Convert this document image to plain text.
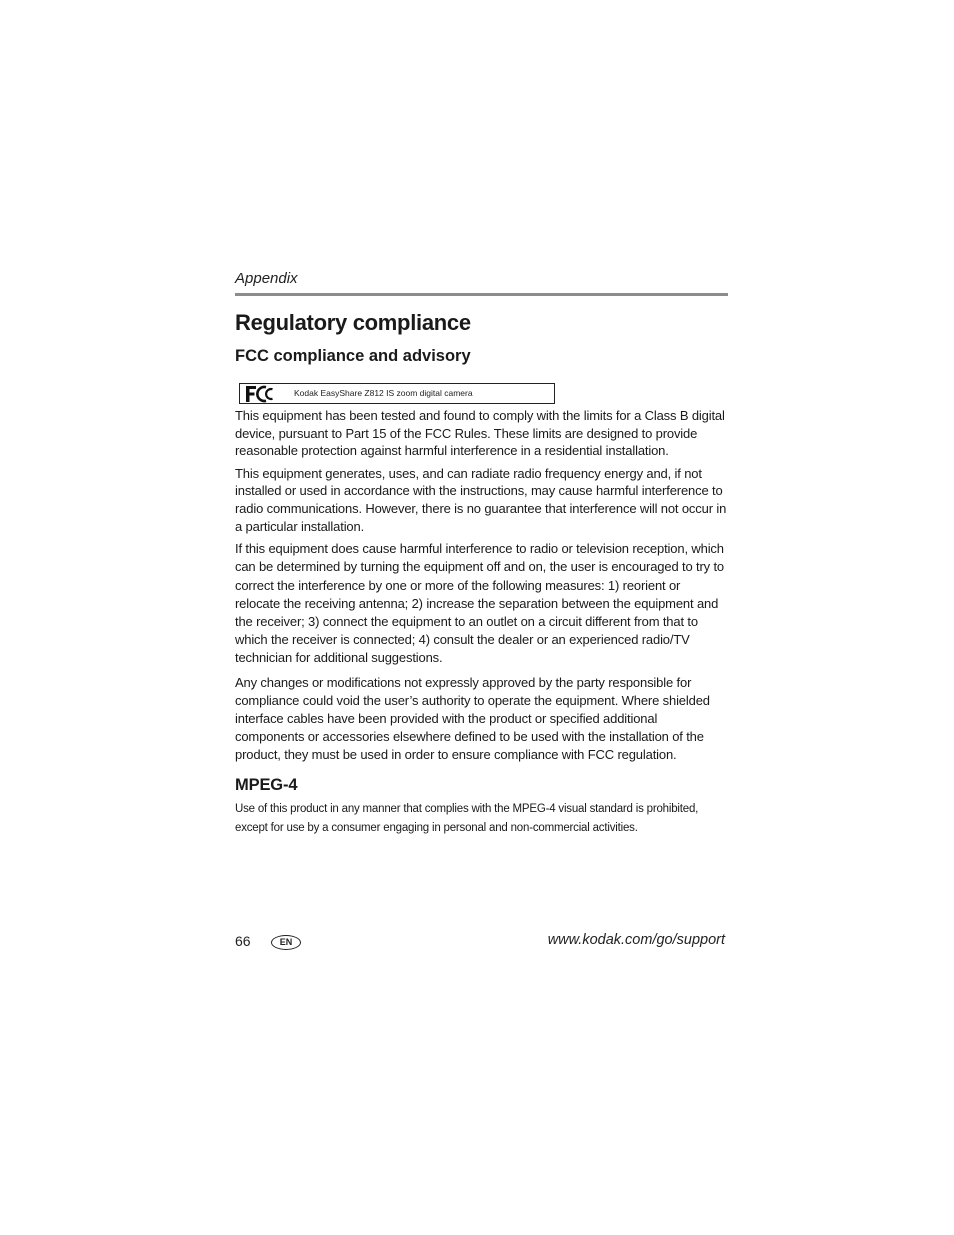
Appendix
Regulatory compliance
FCC compliance and advisory
Kodak EasyShare Z812 IS zoom digital camera

This equipment has been tested and found to comply with the limits for a Class B digital device, pursuant to Part 15 of the FCC Rules. These limits are designed to provide reasonable protection against harmful interference in a residential installation.

This equipment generates, uses, and can radiate radio frequency energy and, if not installed or used in accordance with the instructions, may cause harmful interference to radio communications. However, there is no guarantee that interference will not occur in a particular installation.

If this equipment does cause harmful interference to radio or television reception, which can be determined by turning the equipment off and on, the user is encouraged to try to correct the interference by one or more of the following measures: 1) reorient or relocate the receiving antenna; 2) increase the separation between the equipment and the receiver; 3) connect the equipment to an outlet on a circuit different from that to which the receiver is connected; 4) consult the dealer or an experienced radio/TV technician for additional suggestions.

Any changes or modifications not expressly approved by the party responsible for compliance could void the user’s authority to operate the equipment. Where shielded interface cables have been provided with the product or specified additional components or accessories elsewhere defined to be used with the installation of the product, they must be used in order to ensure compliance with FCC regulation.

MPEG-4

Use of this product in any manner that complies with the MPEG-4 visual standard is prohibited, except for use by a consumer engaging in personal and non-commercial activities.

66	EN	www.kodak.com/go/support
